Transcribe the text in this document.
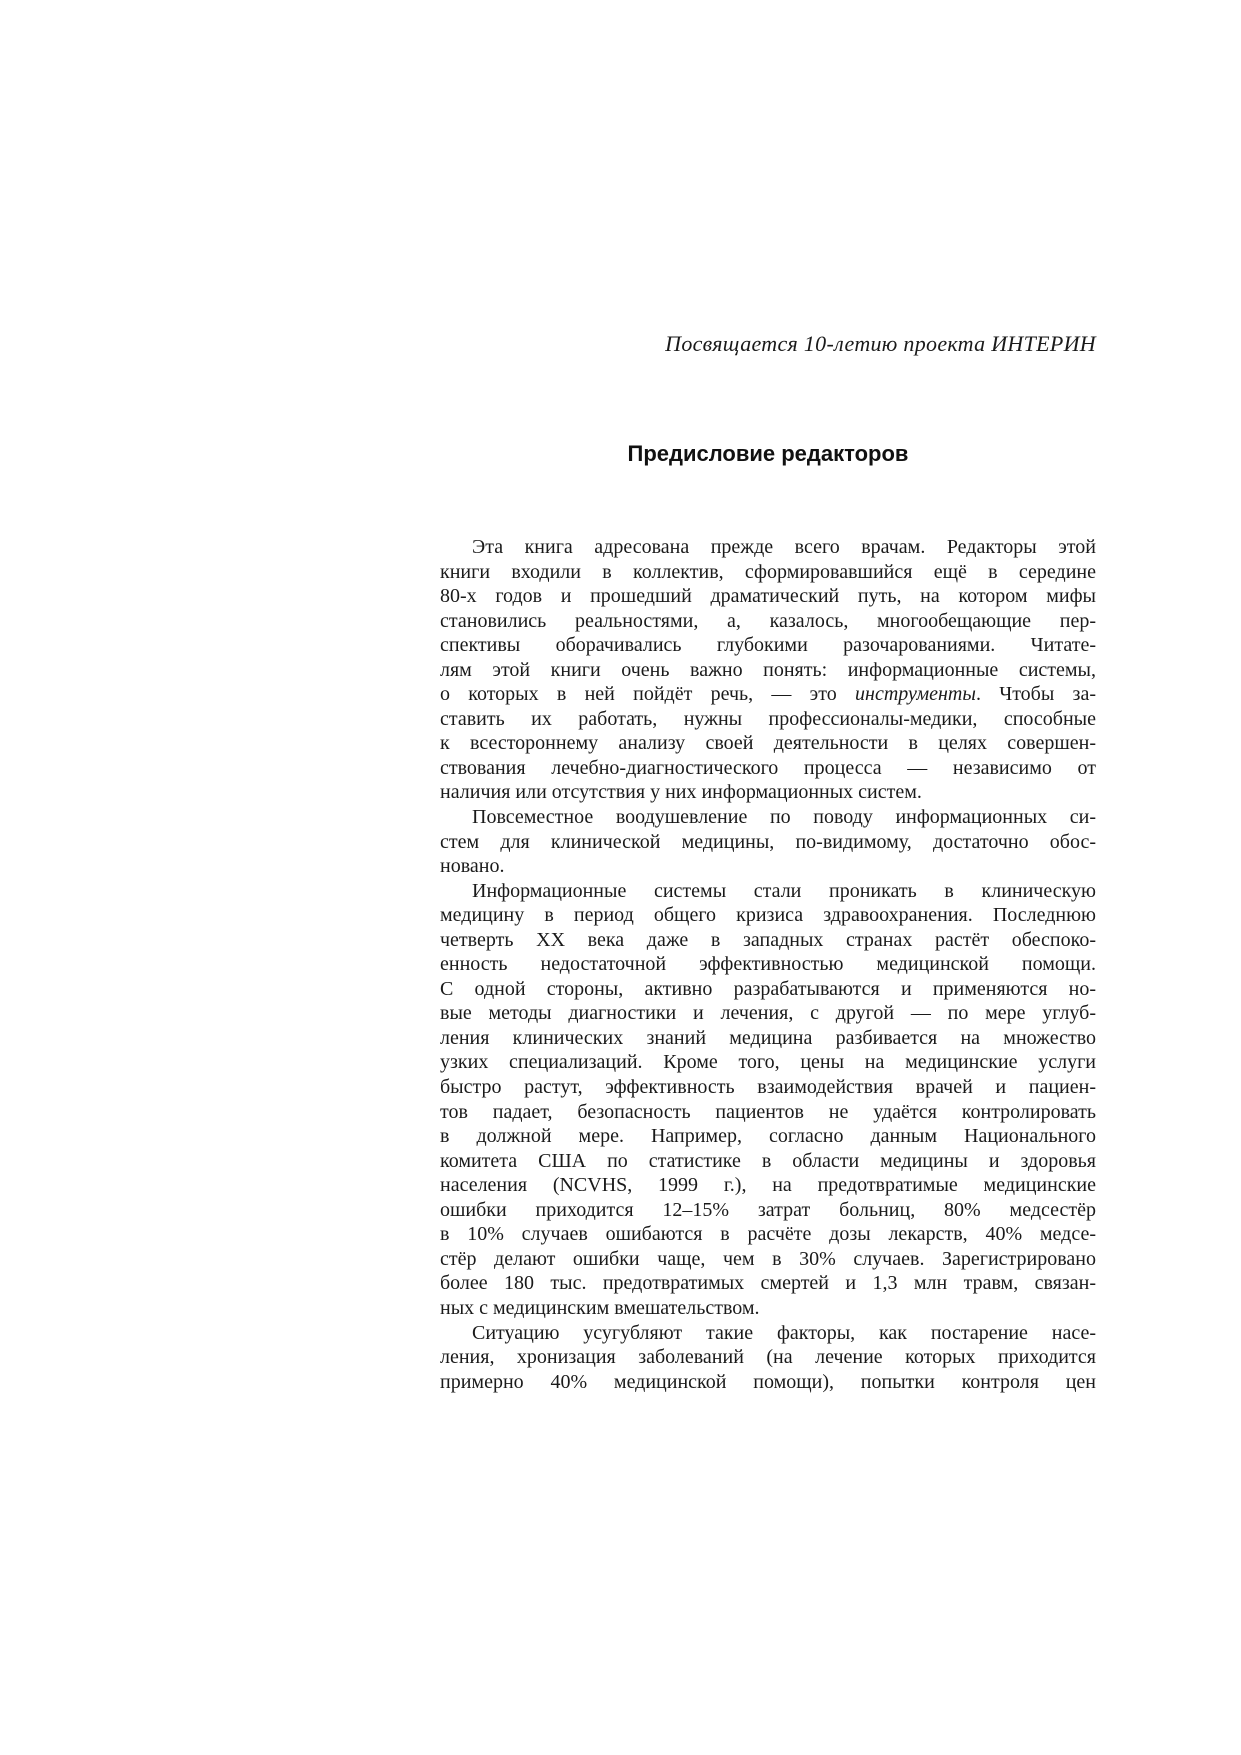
Посвящается 10-летию проекта ИНТЕРИН
Предисловие редакторов
Эта книга адресована прежде всего врачам. Редакторы этой
книги входили в коллектив, сформировавшийся ещё в середине
80-х годов и прошедший драматический путь, на котором мифы
становились реальностями, а, казалось, многообещающие пер-
спективы оборачивались глубокими разочарованиями. Читате-
лям этой книги очень важно понять: информационные системы,
о которых в ней пойдёт речь, — это инструменты. Чтобы за-
ставить их работать, нужны профессионалы-медики, способные
к всестороннему анализу своей деятельности в целях совершен-
ствования лечебно-диагностического процесса — независимо от
наличия или отсутствия у них информационных систем.
Повсеместное воодушевление по поводу информационных си-
стем для клинической медицины, по-видимому, достаточно обос-
новано.
Информационные системы стали проникать в клиническую
медицину в период общего кризиса здравоохранения. Последнюю
четверть XX века даже в западных странах растёт обеспоко-
енность недостаточной эффективностью медицинской помощи.
С одной стороны, активно разрабатываются и применяются но-
вые методы диагностики и лечения, с другой — по мере углуб-
ления клинических знаний медицина разбивается на множество
узких специализаций. Кроме того, цены на медицинские услуги
быстро растут, эффективность взаимодействия врачей и пациен-
тов падает, безопасность пациентов не удаётся контролировать
в должной мере. Например, согласно данным Национального
комитета США по статистике в области медицины и здоровья
населения (NCVHS, 1999 г.), на предотвратимые медицинские
ошибки приходится 12–15% затрат больниц, 80% медсестёр
в 10% случаев ошибаются в расчёте дозы лекарств, 40% медсе-
стёр делают ошибки чаще, чем в 30% случаев. Зарегистрировано
более 180 тыс. предотвратимых смертей и 1,3 млн травм, связан-
ных с медицинским вмешательством.
Ситуацию усугубляют такие факторы, как постарение насе-
ления, хронизация заболеваний (на лечение которых приходится
примерно 40% медицинской помощи), попытки контроля цен
